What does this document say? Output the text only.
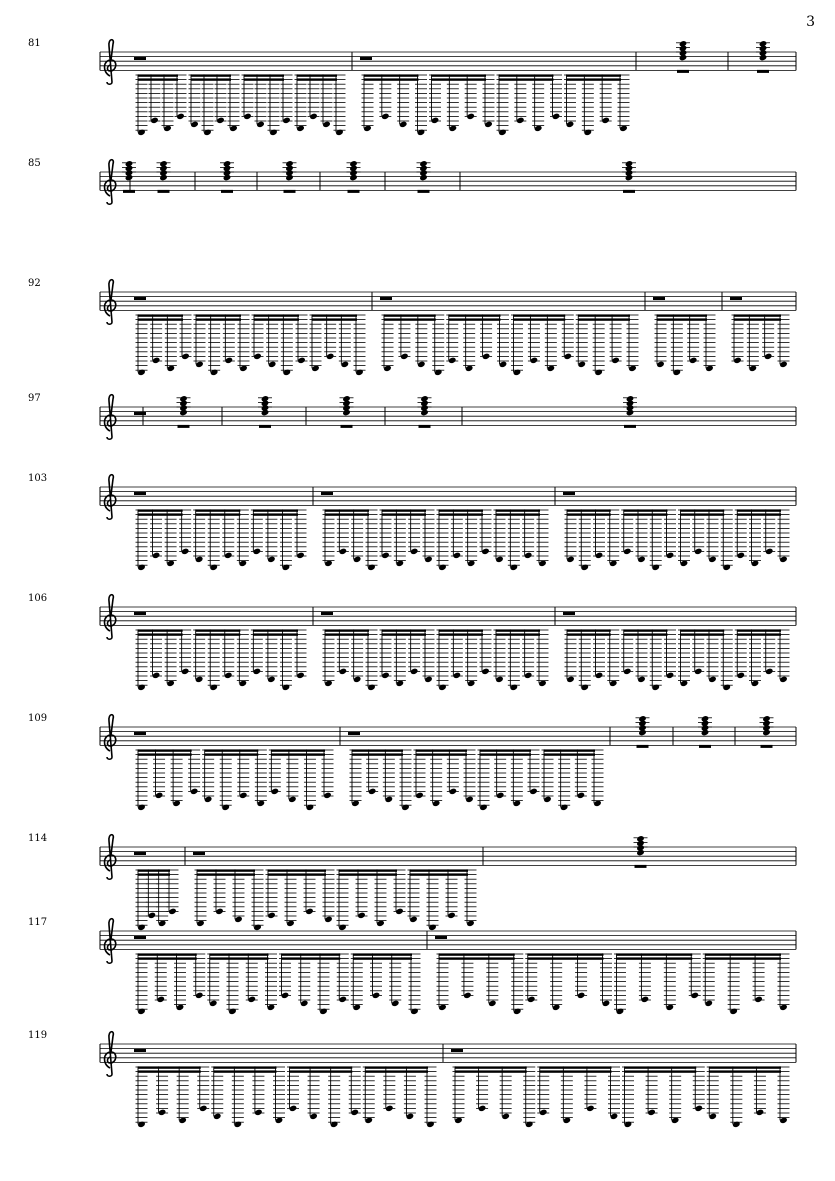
3
81
85
92
97
103
106
109
114
117
119
